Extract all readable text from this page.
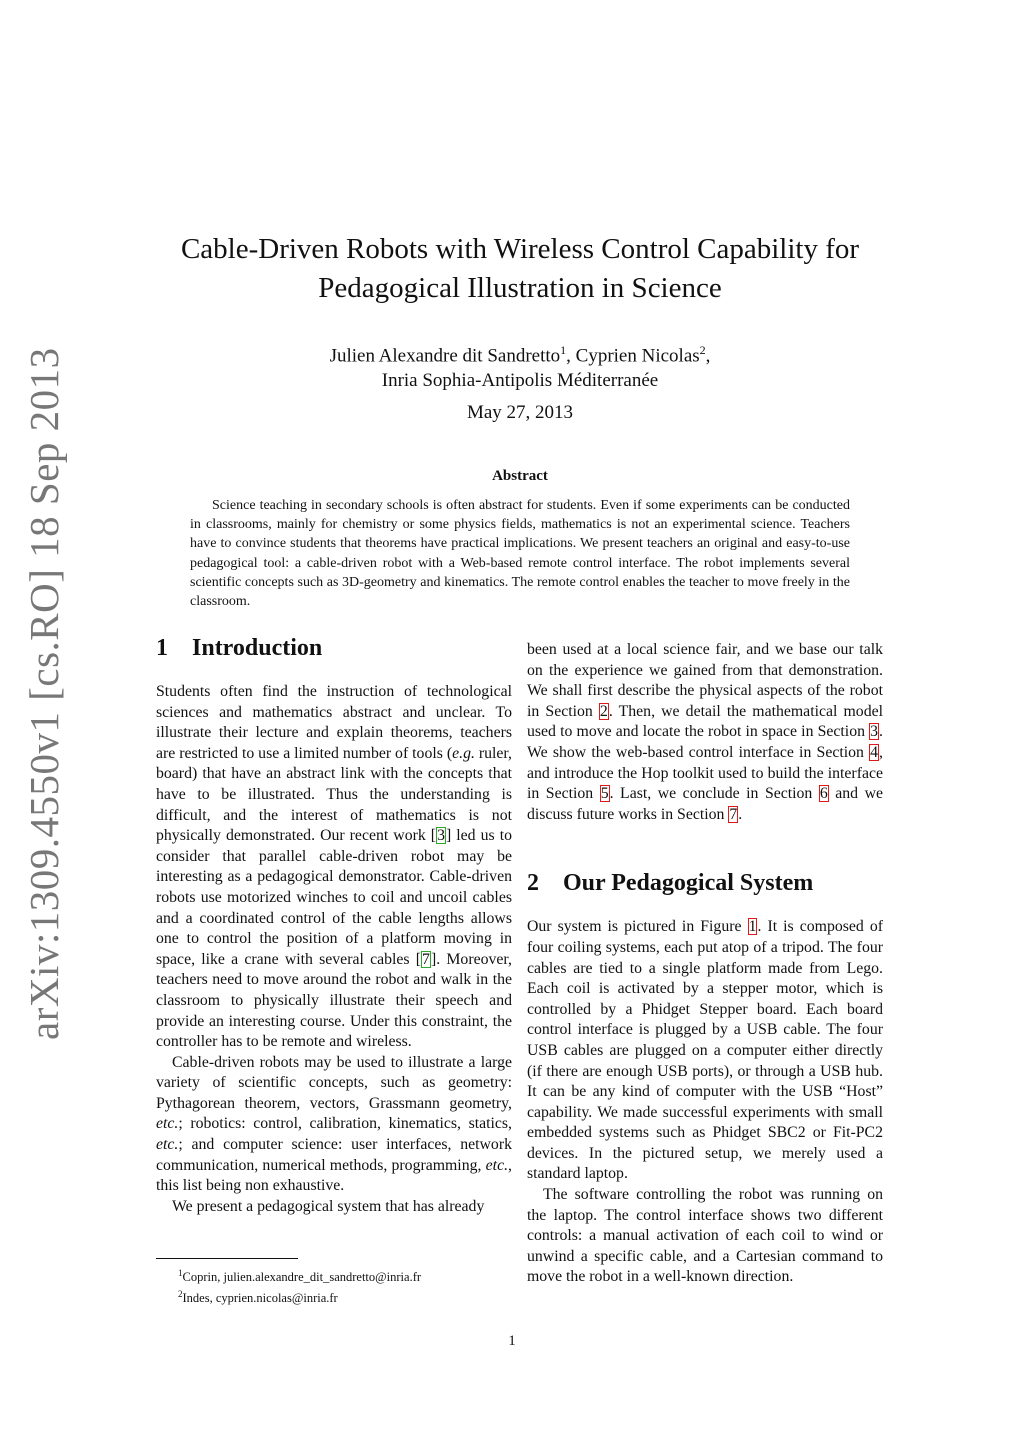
arXiv:1309.4550v1 [cs.RO] 18 Sep 2013
Cable-Driven Robots with Wireless Control Capability for
Pedagogical Illustration in Science
Julien Alexandre dit Sandretto$^1$, Cyprien Nicolas$^2$,
Inria Sophia-Antipolis Méditerranée
May 27, 2013
Abstract
Science teaching in secondary schools is often abstract for students. Even if some experiments can be conducted in classrooms, mainly for chemistry or some physics fields, mathematics is not an experimental science. Teachers have to convince students that theorems have practical implications. We present teachers an original and easy-to-use pedagogical tool: a cable-driven robot with a Web-based remote control interface. The robot implements several scientific concepts such as 3D-geometry and kinematics. The remote control enables the teacher to move freely in the classroom.
1 Introduction

Students often find the instruction of technological sciences and mathematics abstract and unclear. To illustrate their lecture and explain theorems, teachers are restricted to use a limited number of tools (e.g. ruler, board) that have an abstract link with the concepts that have to be illustrated. Thus the understanding is difficult, and the interest of mathematics is not physically demonstrated. Our recent work [3] led us to consider that parallel cable-driven robot may be interesting as a pedagogical demonstrator. Cable-driven robots use motorized winches to coil and uncoil cables and a coordinated control of the cable lengths allows one to control the position of a platform moving in space, like a crane with several cables [7]. Moreover, teachers need to move around the robot and walk in the classroom to physically illustrate their speech and provide an interesting course. Under this constraint, the controller has to be remote and wireless.

Cable-driven robots may be used to illustrate a large variety of scientific concepts, such as geometry: Pythagorean theorem, vectors, Grassmann geometry, etc.; robotics: control, calibration, kinematics, statics, etc.; and computer science: user interfaces, network communication, numerical methods, programming, etc., this list being non exhaustive.

We present a pedagogical system that has already

been used at a local science fair, and we base our talk on the experience we gained from that demonstration. We shall first describe the physical aspects of the robot in Section 2. Then, we detail the mathematical model used to move and locate the robot in space in Section 3. We show the web-based control interface in Section 4, and introduce the Hop toolkit used to build the interface in Section 5. Last, we conclude in Section 6 and we discuss future works in Section 7.

2 Our Pedagogical System

Our system is pictured in Figure 1. It is composed of four coiling systems, each put atop of a tripod. The four cables are tied to a single platform made from Lego. Each coil is activated by a stepper motor, which is controlled by a Phidget Stepper board. Each board control interface is plugged by a USB cable. The four USB cables are plugged on a computer either directly (if there are enough USB ports), or through a USB hub. It can be any kind of computer with the USB “Host” capability. We made successful experiments with small embedded systems such as Phidget SBC2 or Fit-PC2 devices. In the pictured setup, we merely used a standard laptop.

The software controlling the robot was running on the laptop. The control interface shows two different controls: a manual activation of each coil to wind or unwind a specific cable, and a Cartesian command to move the robot in a well-known direction.

$^1$Coprin, julien.alexandre_dit_sandretto@inria.fr
$^2$Indes, cyprien.nicolas@inria.fr
1
